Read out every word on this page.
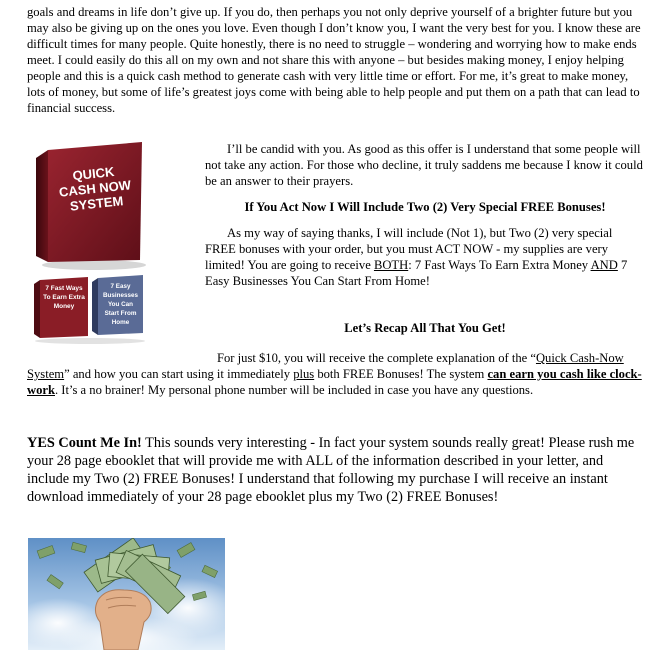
goals and dreams in life don’t give up. If you do, then perhaps you not only deprive yourself of a brighter future but you may also be giving up on the ones you love. Even though I don’t know you, I want the very best for you. I know these are difficult times for many people. Quite honestly, there is no need to struggle – wondering and worrying how to make ends meet. I could easily do this all on my own and not share this with anyone – but besides making money, I enjoy helping people and this is a quick cash method to generate cash with very little time or effort. For me, it’s great to make money, lots of money, but some of life’s greatest joys come with being able to help people and put them on a path that can lead to financial success.

QUICK CASH NOW SYSTEM
7 Fast Ways To Earn Extra Money
7 Easy Businesses You Can Start From Home

I’ll be candid with you. As good as this offer is I understand that some people will not take any action. For those who decline, it truly saddens me because I know it could be an answer to their prayers.

If You Act Now I Will Include Two (2) Very Special FREE Bonuses!

As my way of saying thanks, I will include (Not 1), but Two (2) very special FREE bonuses with your order, but you must ACT NOW - my supplies are very limited! You are going to receive BOTH: 7 Fast Ways To Earn Extra Money AND 7 Easy Businesses You Can Start From Home!

Let’s Recap All That You Get!

For just $10, you will receive the complete explanation of the “Quick Cash-Now System” and how you can start using it immediately plus both FREE Bonuses! The system can earn you cash like clock-work. It’s a no brainer! My personal phone number will be included in case you have any questions.

YES Count Me In! This sounds very interesting - In fact your system sounds really great! Please rush me your 28 page ebooklet that will provide me with ALL of the information described in your letter, and include my Two (2) FREE Bonuses! I understand that following my purchase I will receive an instant download immediately of your 28 page ebooklet plus my Two (2) FREE Bonuses!
